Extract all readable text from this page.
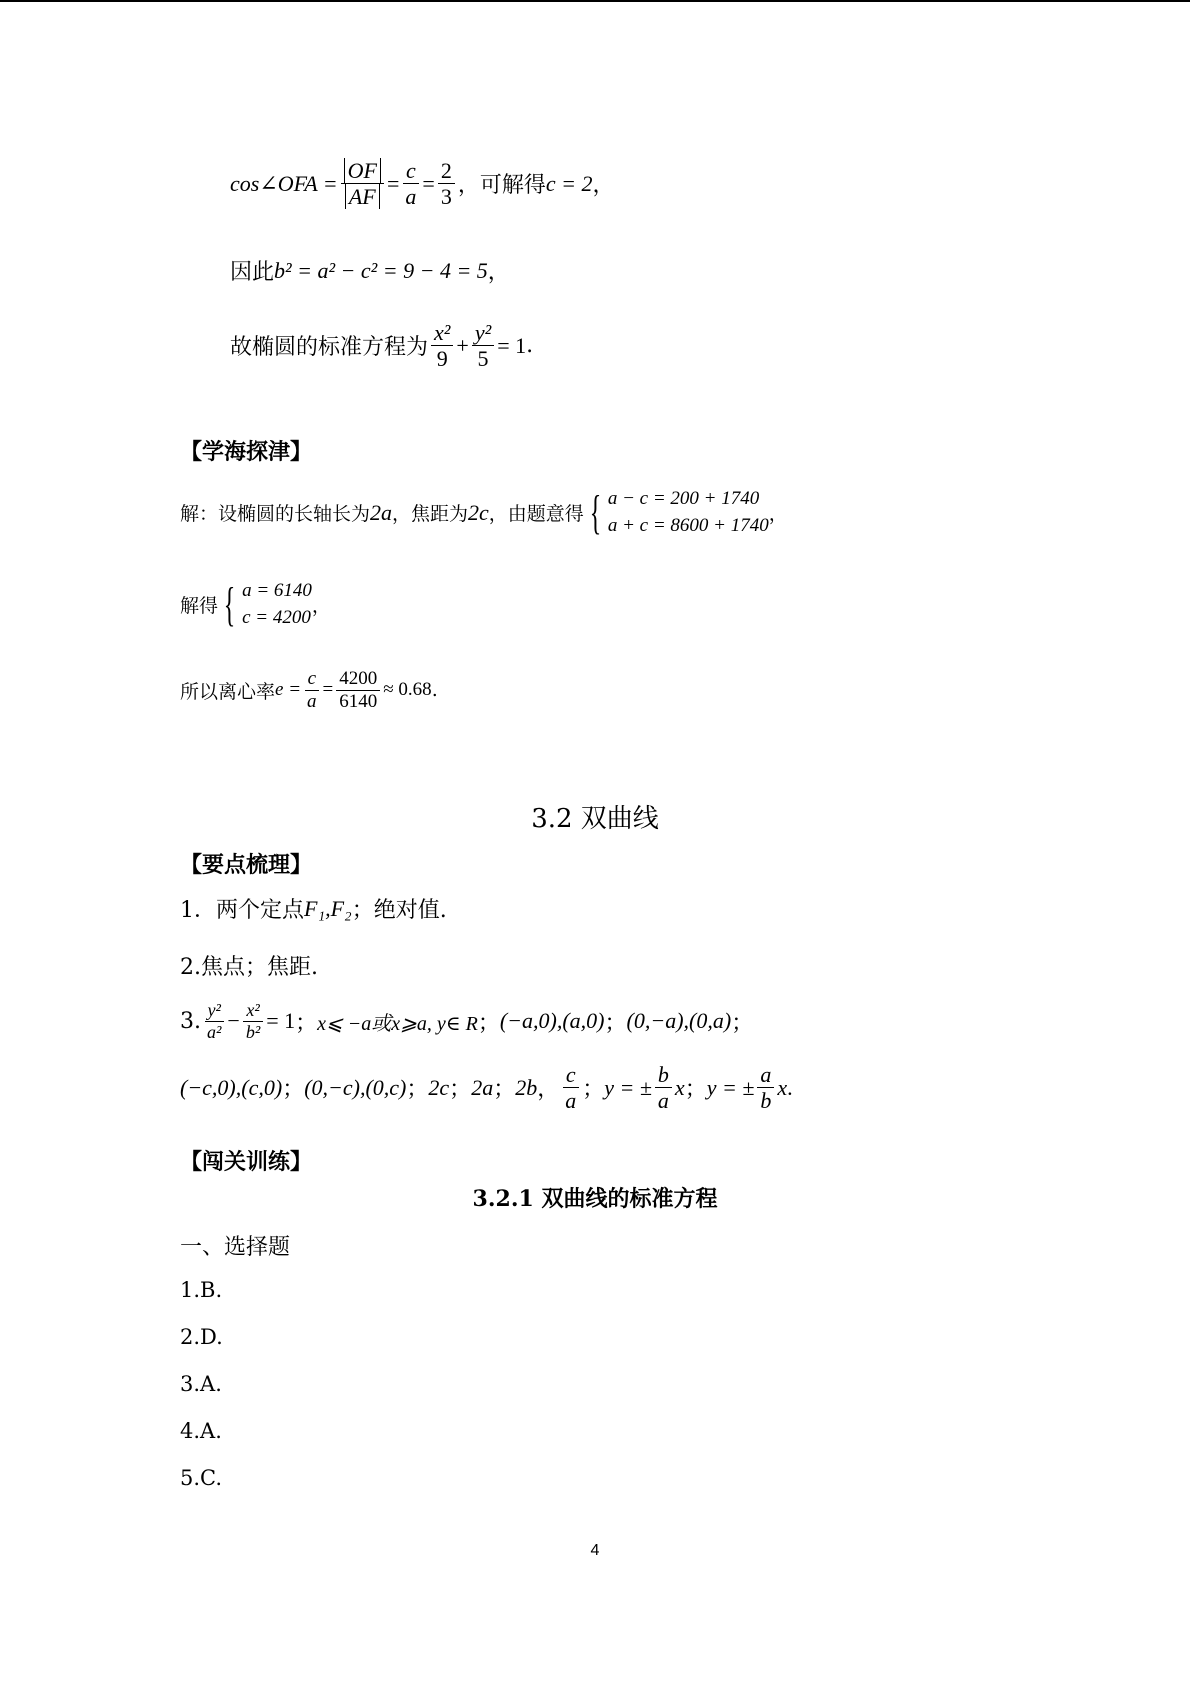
cos∠OFA = $\frac{OF}{AF} = \frac{c}{a} = \frac{2}{3}$ ，可解得 c = 2 ，
因此 b² = a² − c² = 9 − 4 = 5 ，
故椭圆的标准方程为 $\frac{\text{x²}}{9} + \frac{\text{y²}}{5} = 1$ .
【学海探津】
解：设椭圆的长轴长为 2a ，焦距为 2c ，由题意得 { a − c = 200 + 1740
a + c = 8600 + 1740 ，
解得 { a = 6140
c = 4200 ，
所以离心率 $e = \frac{c}{a} = \frac{4200}{6140} \approx 0.68$ .
3.2 双曲线
【要点梳理】
1．两个定点 F₁,F₂ ；绝对值.
2.焦点；焦距.
3. $\frac{\text{y²}}{\text{a²}} - \frac{\text{x²}}{\text{b²}} = 1$ ； x⩽ −a或x⩾a, y∈ R ； (−a,0),(a,0) ； (0,−a),(0,a) ；
(−c,0),(c,0) ； (0,−c),(0,c) ； 2c ； 2a ； 2b ， $\frac{c}{a}$ ； y = ± $\frac{b}{a}$ x ； y = ± $\frac{a}{b}$ x .
【闯关训练】
3.2.1 双曲线的标准方程
一、选择题
1.B.
2.D.
3.A.
4.A.
5.C.
4
